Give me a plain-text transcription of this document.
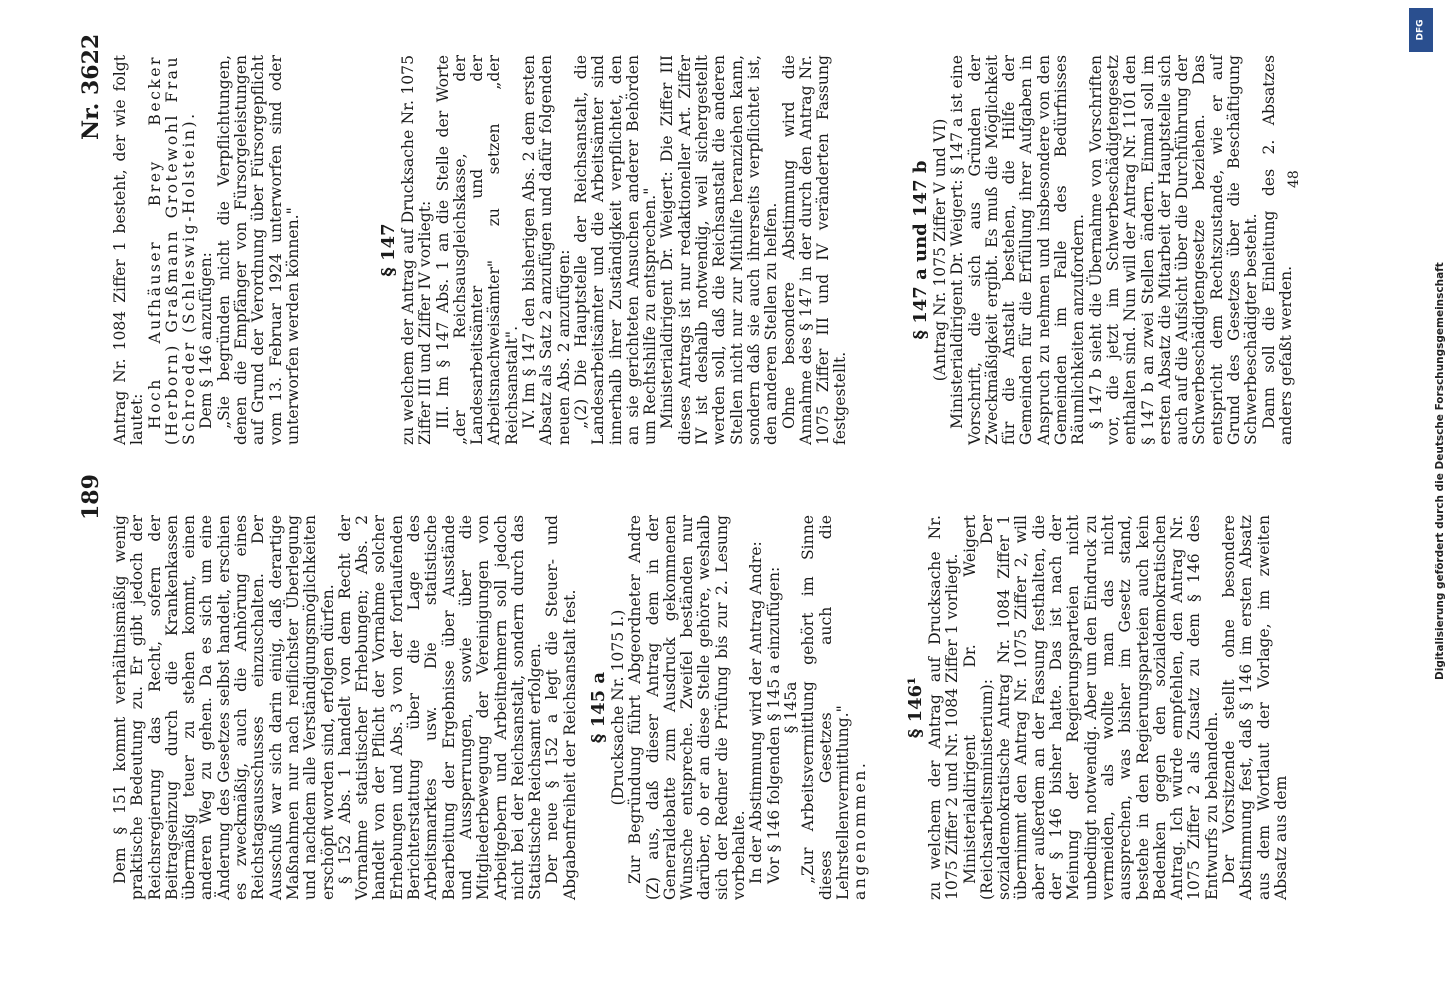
189
Nr. 3622
48

Dem § 151 kommt verhältnismäßig wenig praktische Bedeutung zu. Er gibt jedoch der Reichsregierung das Recht, sofern der Beitragseinzug durch die Krankenkassen übermäßig teuer zu stehen kommt, einen anderen Weg zu gehen. Da es sich um eine Änderung des Gesetzes selbst handelt, erschien es zweckmäßig, auch die Anhörung eines Reichstagsausschusses einzuschalten. Der Ausschuß war sich darin einig, daß derartige Maßnahmen nur nach reiflichster Überlegung und nachdem alle Verständigungsmöglichkeiten erschöpft worden sind, erfolgen dürfen. § 152 Abs. 1 handelt von dem Recht der Vornahme statistischer Erhebungen; Abs. 2 handelt von der Pflicht der Vornahme solcher Erhebungen und Abs. 3 von der fortlaufenden Berichterstattung über die Lage des Arbeitsmarktes usw. Die statistische Bearbeitung der Ergebnisse über Ausstände und Aussperrungen, sowie über die Mitgliederbewegung der Vereinigungen von Arbeitgebern und Arbeitnehmern soll jedoch nicht bei der Reichsanstalt, sondern durch das Statistische Reichsamt erfolgen. Der neue § 152 a legt die Steuer- und Abgabenfreiheit der Reichsanstalt fest. § 145 a (Drucksache Nr. 1075 I.) Zur Begründung führt Abgeordneter Andre (Z) aus, daß dieser Antrag dem in der Generaldebatte zum Ausdruck gekommenen Wunsche entspreche. Zweifel beständen nur darüber, ob er an diese Stelle gehöre, weshalb sich der Redner die Prüfung bis zur 2. Lesung vorbehalte. In der Abstimmung wird der Antrag Andre: Vor § 146 folgenden § 145 a einzufügen: § 145a „Zur Arbeitsvermittlung gehört im Sinne dieses Gesetzes auch die Lehrstellenvermittlung." angenommen.

§ 146¹ zu welchem der Antrag auf Drucksache Nr. 1075 Ziffer 2 und Nr. 1084 Ziffer 1 vorliegt. Ministerialdirigent Dr. Weigert (Reichsarbeitsministerium): Der sozialdemokratische Antrag Nr. 1084 Ziffer 1 übernimmt den Antrag Nr. 1075 Ziffer 2, will aber außerdem an der Fassung festhalten, die der § 146 bisher hatte. Das ist nach der Meinung der Regierungsparteien nicht unbedingt notwendig. Aber um den Eindruck zu vermeiden, als wollte man das nicht aussprechen, was bisher im Gesetz stand, bestehe in den Regierungsparteien auch kein Bedenken gegen den sozialdemokratischen Antrag. Ich würde empfehlen, den Antrag Nr. 1075 Ziffer 2 als Zusatz zu dem § 146 des Entwurfs zu behandeln. Der Vorsitzende stellt ohne besondere Abstimmung fest, daß § 146 im ersten Absatz aus dem Wortlaut der Vorlage, im zweiten Absatz aus dem

Antrag Nr. 1084 Ziffer 1 besteht, der wie folgt lautet: Hoch Aufhäuser Brey Becker (Herborn) Graßmann Grotewohl Frau Schroeder (Schleswig-Holstein). Dem § 146 anzufügen: „Sie begründen nicht die Verpflichtungen, denen die Empfänger von Fürsorgeleistungen auf Grund der Verordnung über Fürsorgepflicht vom 13. Februar 1924 unterworfen sind oder unterworfen werden können."	§ 147 zu welchem der Antrag auf Drucksache Nr. 1075 Ziffer III und Ziffer IV vorliegt: III. Im § 147 Abs. 1 an die Stelle der Worte „der Reichsausgleichskasse, der Landesarbeitsämter und der Arbeitsnachweisämter" zu setzen „der Reichsanstalt". IV. Im § 147 den bisherigen Abs. 2 dem ersten Absatz als Satz 2 anzufügen und dafür folgenden neuen Abs. 2 anzufügen: „(2) Die Hauptstelle der Reichsanstalt, die Landesarbeitsämter und die Arbeitsämter sind innerhalb ihrer Zuständigkeit verpflichtet, den an sie gerichteten Ansuchen anderer Behörden um Rechtshilfe zu entsprechen." Ministerialdirigent Dr. Weigert: Die Ziffer III dieses Antrags ist nur redaktioneller Art. Ziffer IV ist deshalb notwendig, weil sichergestellt werden soll, daß die Reichsanstalt die anderen Stellen nicht nur zur Mithilfe heranziehen kann, sondern daß sie auch ihrerseits verpflichtet ist, den anderen Stellen zu helfen. Ohne besondere Abstimmung wird die Annahme des § 147 in der durch den Antrag Nr. 1075 Ziffer III und IV veränderten Fassung festgestellt.

§ 147 a und 147 b (Antrag Nr. 1075 Ziffer V und VI) Ministerialdirigent Dr. Weigert: § 147 a ist eine Vorschrift, die sich aus Gründen der Zweckmäßigkeit ergibt. Es muß die Möglichkeit für die Anstalt bestehen, die Hilfe der Gemeinden für die Erfüllung ihrer Aufgaben in Anspruch zu nehmen und insbesondere von den Gemeinden im Falle des Bedürfnisses Räumlichkeiten anzufordern. § 147 b sieht die Übernahme von Vorschriften vor, die jetzt im Schwerbeschädigtengesetz enthalten sind. Nun will der Antrag Nr. 1101 den § 147 b an zwei Stellen ändern. Einmal soll im ersten Absatz die Mitarbeit der Hauptstelle sich auch auf die Aufsicht über die Durchführung der Schwerbeschädigtengesetze beziehen. Das entspricht dem Rechtszustande, wie er auf Grund des Gesetzes über die Beschäftigung Schwerbeschädigter besteht. Dann soll die Einleitung des 2. Absatzes anders gefaßt werden.

DFG
Digitalisierung gefördert durch die Deutsche Forschungsgemeinschaft
